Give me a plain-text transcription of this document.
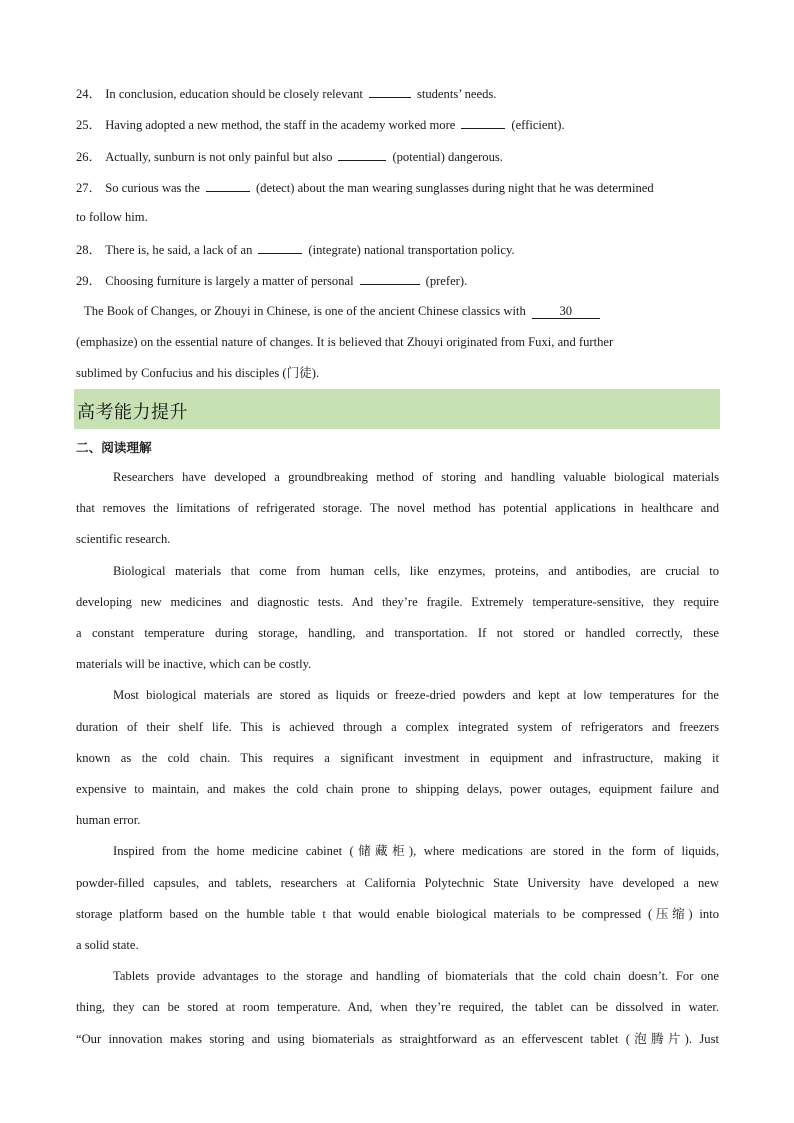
24． In conclusion, education should be closely relevant	students’ needs.
25． Having adopted a new method, the staff in the academy worked more	(efficient).
26． Actually, sunburn is not only painful but also	(potential) dangerous.
27． So curious was the	(detect) about the man wearing sunglasses during night that he was determined
to follow him.
28． There is, he said, a lack of an	(integrate) national transportation policy.
29． Choosing furniture is largely a matter of personal	(prefer).
The Book of Changes, or Zhouyi in Chinese, is one of the ancient Chinese classics with	30
(emphasize) on the essential nature of changes. It is believed that Zhouyi originated from Fuxi, and further
sublimed by Confucius and his disciples (门徒).
高考能力提升
二、阅读理解
Researchers have developed a groundbreaking method of storing and handling valuable biological materials
that removes the limitations of refrigerated storage. The novel method has potential applications in healthcare and
scientific research.
Biological materials that come from human cells, like enzymes, proteins, and antibodies, are crucial to
developing new medicines and diagnostic tests. And they’re fragile. Extremely temperature-sensitive, they require
a constant temperature during storage, handling, and transportation. If not stored or handled correctly, these
materials will be inactive, which can be costly.
Most biological materials are stored as liquids or freeze-dried powders and kept at low temperatures for the
duration of their shelf life. This is achieved through a complex integrated system of refrigerators and freezers
known as the cold chain. This requires a significant investment in equipment and infrastructure, making it
expensive to maintain, and makes the cold chain prone to shipping delays, power outages, equipment failure and
human error.
Inspired from the home medicine cabinet (储藏柜), where medications are stored in the form of liquids,
powder-filled capsules, and tablets, researchers at California Polytechnic State University have developed a new
storage platform based on the humble table t that would enable biological materials to be compressed (压缩) into
a solid state.
Tablets provide advantages to the storage and handling of biomaterials that the cold chain doesn’t. For one
thing, they can be stored at room temperature. And, when they’re required, the tablet can be dissolved in water.
“Our innovation makes storing and using biomaterials as straightforward as an effervescent tablet (泡腾片). Just
